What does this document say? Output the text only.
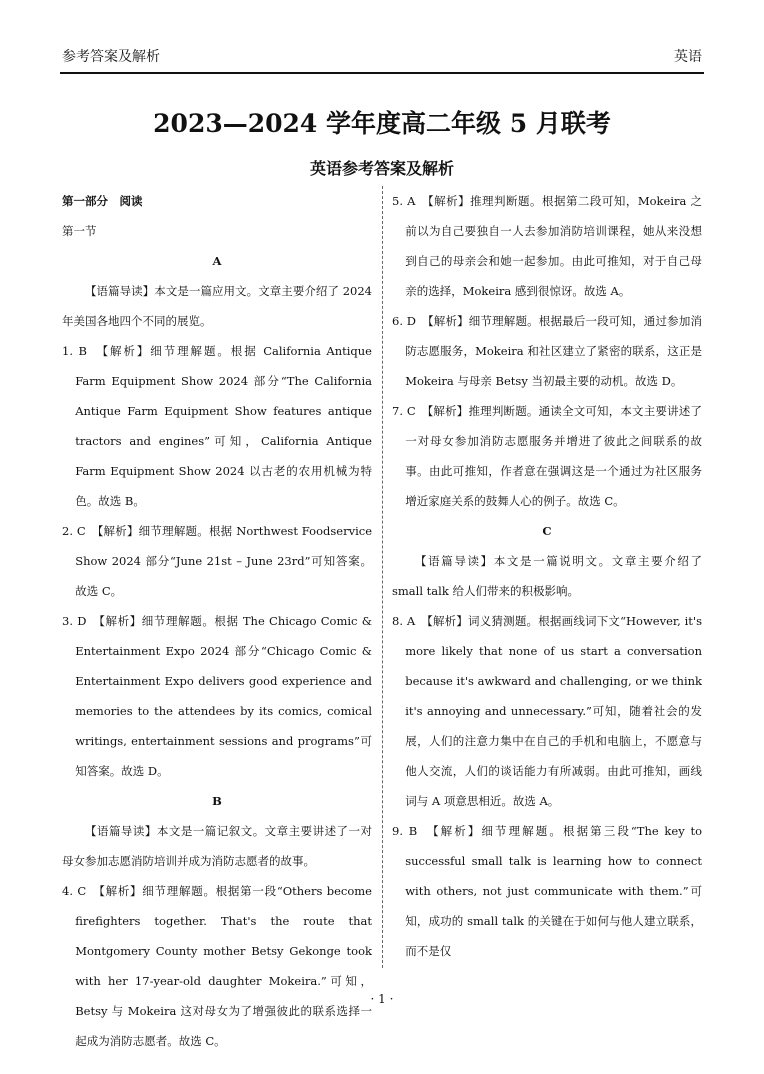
参考答案及解析	英语
2023—2024 学年度高二年级 5 月联考
英语参考答案及解析

第一部分　阅读

第一节

A

【语篇导读】本文是一篇应用文。文章主要介绍了 2024 年美国各地四个不同的展览。

1. B　【解析】细节理解题。根据 California Antique Farm Equipment Show 2024 部分“The California Antique Farm Equipment Show features antique tractors and engines”可知，California Antique Farm Equipment Show 2024 以古老的农用机械为特色。故选 B。

2. C　【解析】细节理解题。根据 Northwest Foodservice Show 2024 部分“June 21st – June 23rd”可知答案。故选 C。

3. D　【解析】细节理解题。根据 The Chicago Comic & Entertainment Expo 2024 部分“Chicago Comic & Entertainment Expo delivers good experience and memories to the attendees by its comics, comical writings, entertainment sessions and programs”可知答案。故选 D。

B

【语篇导读】本文是一篇记叙文。文章主要讲述了一对母女参加志愿消防培训并成为消防志愿者的故事。

4. C　【解析】细节理解题。根据第一段“Others become firefighters together. That's the route that Montgomery County mother Betsy Gekonge took with her 17-year-old daughter Mokeira.”可知，Betsy 与 Mokeira 这对母女为了增强彼此的联系选择一起成为消防志愿者。故选 C。

5. A　【解析】推理判断题。根据第二段可知，Mokeira 之前以为自己要独自一人去参加消防培训课程，她从来没想到自己的母亲会和她一起参加。由此可推知，对于自己母亲的选择，Mokeira 感到很惊讶。故选 A。

6. D　【解析】细节理解题。根据最后一段可知，通过参加消防志愿服务，Mokeira 和社区建立了紧密的联系，这正是 Mokeira 与母亲 Betsy 当初最主要的动机。故选 D。

7. C　【解析】推理判断题。通读全文可知，本文主要讲述了一对母女参加消防志愿服务并增进了彼此之间联系的故事。由此可推知，作者意在强调这是一个通过为社区服务增近家庭关系的鼓舞人心的例子。故选 C。

C

【语篇导读】本文是一篇说明文。文章主要介绍了 small talk 给人们带来的积极影响。

8. A　【解析】词义猜测题。根据画线词下文“However, it's more likely that none of us start a conversation because it's awkward and challenging, or we think it's annoying and unnecessary.”可知，随着社会的发展，人们的注意力集中在自己的手机和电脑上，不愿意与他人交流，人们的谈话能力有所减弱。由此可推知，画线词与 A 项意思相近。故选 A。

9. B　【解析】细节理解题。根据第三段“The key to successful small talk is learning how to connect with others, not just communicate with them.”可知，成功的 small talk 的关键在于如何与他人建立联系，而不是仅

· 1 ·
